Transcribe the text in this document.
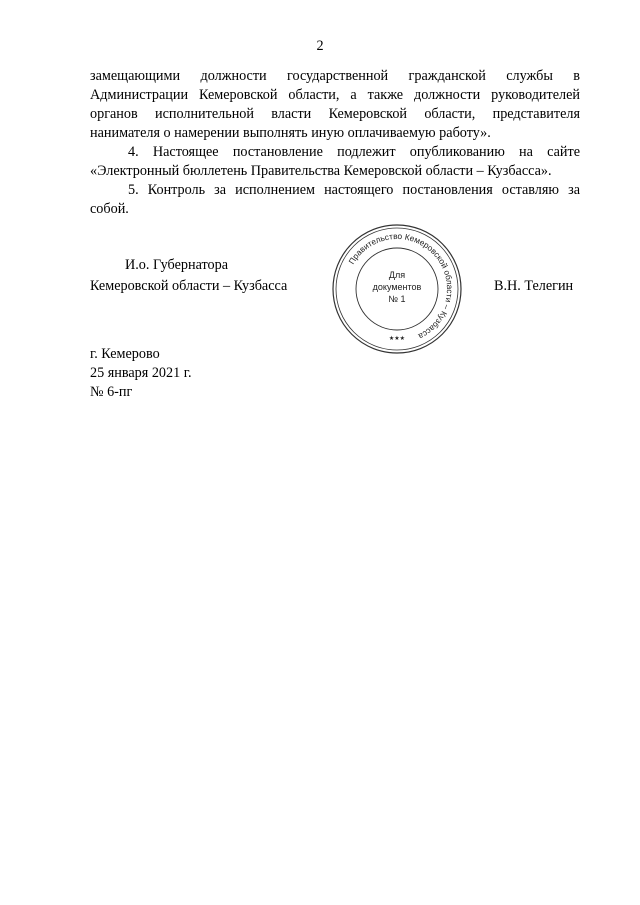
2
замещающими должности государственной гражданской службы в
Администрации Кемеровской области, а также должности руководителей
органов исполнительной власти Кемеровской области, представителя
нанимателя о намерении выполнять иную оплачиваемую работу».
4. Настоящее постановление подлежит опубликованию на сайте
«Электронный бюллетень Правительства Кемеровской области – Кузбасса».
5. Контроль за исполнением настоящего постановления оставляю за
собой.
И.о. Губернатора
Кемеровской области – Кузбасса	В.Н. Телегин
Правительство Кемеровской области – Кузбасса
Для
документов
№ 1
★★★
г. Кемерово
25 января 2021 г.
№ 6-пг
